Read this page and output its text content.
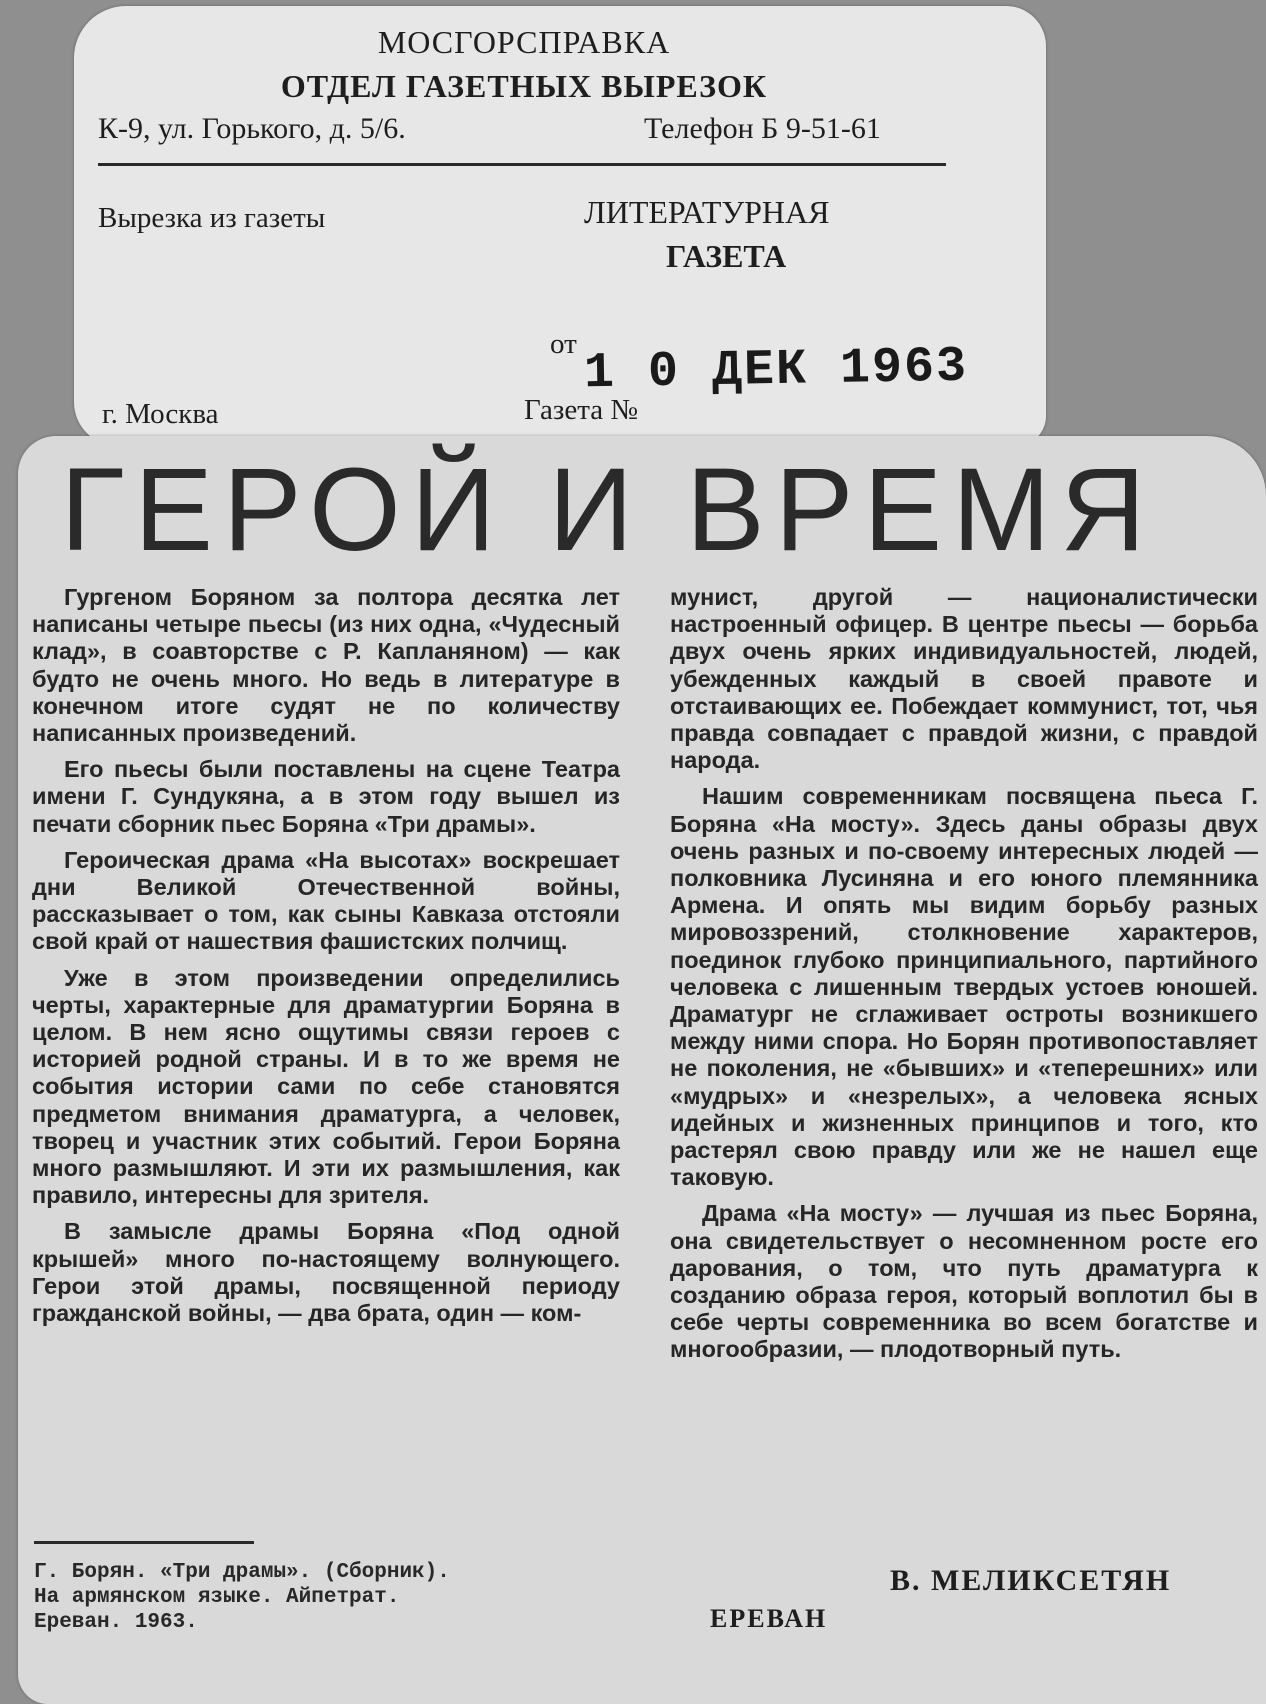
МОСГОРСПРАВКА
ОТДЕЛ ГАЗЕТНЫХ ВЫРЕЗОК
К-9, ул. Горького, д. 5/6.	Телефон Б 9-51-61
Вырезка из газеты	ЛИТЕРАТУРНАЯ
ГАЗЕТА
от 1 0 ДЕК 1963
г. Москва	Газета №
ГЕРОЙ И ВРЕМЯ

Гургеном Боряном за полтора десятка лет написаны четыре пьесы (из них одна, «Чудесный клад», в соавторстве с Р. Капланяном) — как будто не очень много. Но ведь в литературе в конечном итоге судят не по количеству написанных произведений.

Его пьесы были поставлены на сцене Театра имени Г. Сундукяна, а в этом году вышел из печати сборник пьес Боряна «Три драмы».

Героическая драма «На высотах» воскрешает дни Великой Отечественной войны, рассказывает о том, как сыны Кавказа отстояли свой край от нашествия фашистских полчищ.

Уже в этом произведении определились черты, характерные для драматургии Боряна в целом. В нем ясно ощутимы связи героев с историей родной страны. И в то же время не события истории сами по себе становятся предметом внимания драматурга, а человек, творец и участник этих событий. Герои Боряна много размышляют. И эти их размышления, как правило, интересны для зрителя.

В замысле драмы Боряна «Под одной крышей» много по-настоящему волнующего. Герои этой драмы, посвященной периоду гражданской войны, — два брата, один — ком-

мунист, другой — националистически настроенный офицер. В центре пьесы — борьба двух очень ярких индивидуальностей, людей, убежденных каждый в своей правоте и отстаивающих ее. Побеждает коммунист, тот, чья правда совпадает с правдой жизни, с правдой народа.

Нашим современникам посвящена пьеса Г. Боряна «На мосту». Здесь даны образы двух очень разных и по-своему интересных людей — полковника Лусиняна и его юного племянника Армена. И опять мы видим борьбу разных мировоззрений, столкновение характеров, поединок глубоко принципиального, партийного человека с лишенным твердых устоев юношей. Драматург не сглаживает остроты возникшего между ними спора. Но Борян противопоставляет не поколения, не «бывших» и «теперешних» или «мудрых» и «незрелых», а человека ясных идейных и жизненных принципов и того, кто растерял свою правду или же не нашел еще таковую.

Драма «На мосту» — лучшая из пьес Боряна, она свидетельствует о несомненном росте его дарования, о том, что путь драматурга к созданию образа героя, который воплотил бы в себе черты современника во всем богатстве и многообразии, — плодотворный путь.

Г. Борян. «Три драмы». (Сборник).
На армянском языке. Айпетрат.
Ереван. 1963.
В. МЕЛИКСЕТЯН
ЕРЕВАН
